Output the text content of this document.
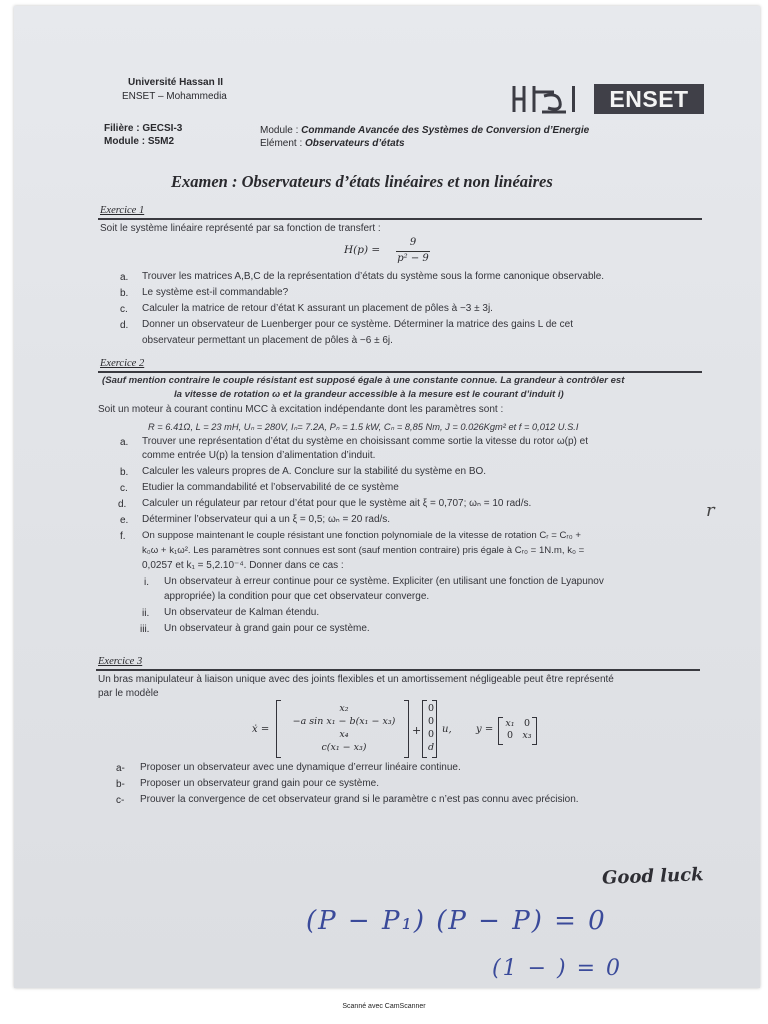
Université Hassan II
ENSET – Mohammedia	ENSET
Filière : GECSI-3
Module : S5M2
Module : Commande Avancée des Systèmes de Conversion d’Energie
Elément : Observateurs d’états
Examen : Observateurs d’états linéaires et non linéaires
Exercice 1
Soit le système linéaire représenté par sa fonction de transfert :
H(p) =
9
p² − 9
a. Trouver les matrices A,B,C de la représentation d’états du système sous la forme canonique observable.
b. Le système est-il commandable?
c. Calculer la matrice de retour d’état K assurant un placement de pôles à −3 ± 3j.
d. Donner un observateur de Luenberger pour ce système. Déterminer la matrice des gains L de cet
observateur permettant un placement de pôles à −6 ± 6j.
Exercice 2
(Sauf mention contraire le couple résistant est supposé égale à une constante connue. La grandeur à contrôler est
la vitesse de rotation ω et la grandeur accessible à la mesure est le courant d’induit i)
Soit un moteur à courant continu MCC à excitation indépendante dont les paramètres sont :
R = 6.41Ω, L = 23 mH, Uₙ = 280V, Iₙ= 7.2A, Pₙ = 1.5 kW, Cₙ = 8,85 Nm, J = 0.026Kgm² et f = 0,012 U.S.I
a. Trouver une représentation d’état du système en choisissant comme sortie la vitesse du rotor ω(p) et
comme entrée U(p) la tension d’alimentation d’induit.
b. Calculer les valeurs propres de A. Conclure sur la stabilité du système en BO.
c. Etudier la commandabilité et l’observabilité de ce système
d. Calculer un régulateur par retour d’état pour que le système ait ξ = 0,707; ωₙ = 10 rad/s.
e. Déterminer l’observateur qui a un ξ = 0,5; ωₙ = 20 rad/s.
f. On suppose maintenant le couple résistant une fonction polynomiale de la vitesse de rotation Cᵣ = Cᵣ₀ +
k₀ω + k₁ω². Les paramètres sont connues est sont (sauf mention contraire) pris égale à Cᵣ₀ = 1N.m, k₀ =
0,0257 et k₁ = 5,2.10⁻⁴. Donner dans ce cas :
i. Un observateur à erreur continue pour ce système. Expliciter (en utilisant une fonction de Lyapunov
appropriée) la condition pour que cet observateur converge.
ii. Un observateur de Kalman étendu.
iii. Un observateur à grand gain pour ce système.
r
Exercice 3
Un bras manipulateur à liaison unique avec des joints flexibles et un amortissement négligeable peut être représenté
par le modèle
ẋ =
x₂
−a sin x₁ − b(x₁ − x₃)
x₄
c(x₁ − x₃)
+
0
0
0
d
u, y =
x₁ 0
0 x₃
a- Proposer un observateur avec une dynamique d’erreur linéaire continue.
b- Proposer un observateur grand gain pour ce système.
c- Prouver la convergence de cet observateur grand si le paramètre c n’est pas connu avec précision.
Good luck
(P − P₁) (P − P) = 0
(1 − ) = 0
Scanné avec CamScanner
